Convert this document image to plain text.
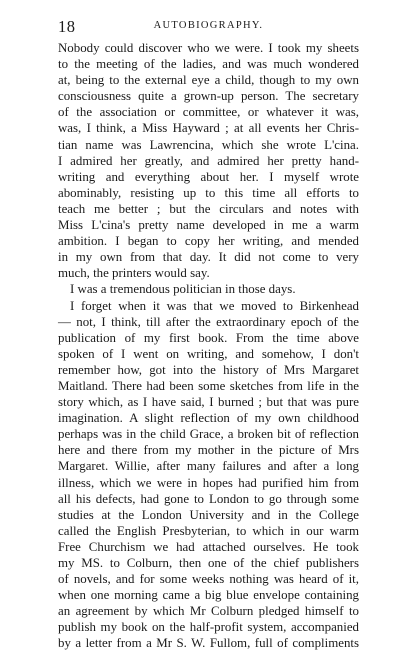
18	AUTOBIOGRAPHY.
Nobody could discover who we were. I took my sheets
to the meeting of the ladies, and was much wondered
at, being to the external eye a child, though to my own
consciousness quite a grown-up person. The secretary
of the association or committee, or whatever it was,
was, I think, a Miss Hayward ; at all events her Chris-
tian name was Lawrencina, which she wrote L'cina.
I admired her greatly, and admired her pretty hand-
writing and everything about her. I myself wrote
abominably, resisting up to this time all efforts to
teach me better ; but the circulars and notes with
Miss L'cina's pretty name developed in me a warm
ambition. I began to copy her writing, and mended
in my own from that day. It did not come to very
much, the printers would say.
I was a tremendous politician in those days.
I forget when it was that we moved to Birkenhead
— not, I think, till after the extraordinary epoch of the
publication of my first book. From the time above
spoken of I went on writing, and somehow, I don't
remember how, got into the history of Mrs Margaret
Maitland. There had been some sketches from life in the
story which, as I have said, I burned ; but that was pure
imagination. A slight reflection of my own childhood
perhaps was in the child Grace, a broken bit of reflection
here and there from my mother in the picture of Mrs
Margaret. Willie, after many failures and after a long
illness, which we were in hopes had purified him from
all his defects, had gone to London to go through some
studies at the London University and in the College
called the English Presbyterian, to which in our warm
Free Churchism we had attached ourselves. He took
my MS. to Colburn, then one of the chief publishers
of novels, and for some weeks nothing was heard of it,
when one morning came a big blue envelope containing
an agreement by which Mr Colburn pledged himself to
publish my book on the half-profit system, accompanied
by a letter from a Mr S. W. Fullom, full of compliments
